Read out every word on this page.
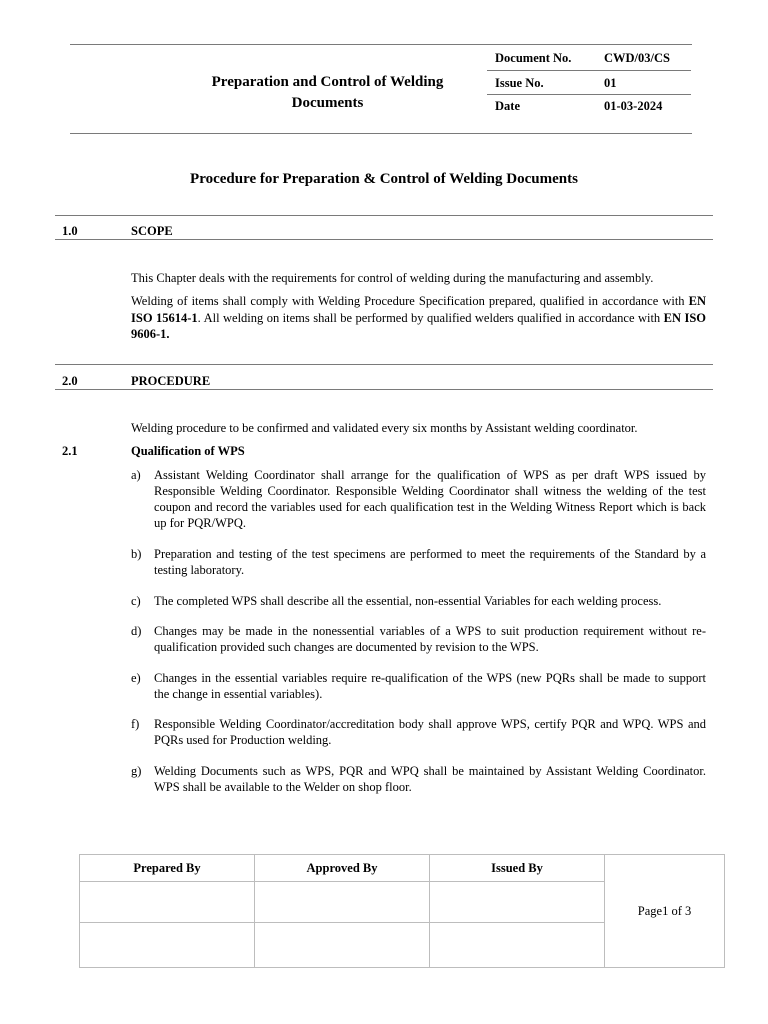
Preparation and Control of Welding
Documents
Document No.	CWD/03/CS
Issue No.	01
Date	01-03-2024
Procedure for Preparation & Control of Welding Documents
1.0	SCOPE
This Chapter deals with the requirements for control of welding during the manufacturing and assembly.
Welding of items shall comply with Welding Procedure Specification prepared, qualified in accordance with EN ISO 15614-1. All welding on items shall be performed by qualified welders qualified in accordance with EN ISO 9606-1.
2.0	PROCEDURE
Welding procedure to be confirmed and validated every six months by Assistant welding coordinator.
2.1	Qualification of WPS
a) Assistant Welding Coordinator shall arrange for the qualification of WPS as per draft WPS issued by Responsible Welding Coordinator. Responsible Welding Coordinator shall witness the welding of the test coupon and record the variables used for each qualification test in the Welding Witness Report which is back up for PQR/WPQ.
b) Preparation and testing of the test specimens are performed to meet the requirements of the Standard by a testing laboratory.
c) The completed WPS shall describe all the essential, non-essential Variables for each welding process.
d) Changes may be made in the nonessential variables of a WPS to suit production requirement without re-qualification provided such changes are documented by revision to the WPS.
e) Changes in the essential variables require re-qualification of the WPS (new PQRs shall be made to support the change in essential variables).
f) Responsible Welding Coordinator/accreditation body shall approve WPS, certify PQR and WPQ. WPS and PQRs used for Production welding.
g) Welding Documents such as WPS, PQR and WPQ shall be maintained by Assistant Welding Coordinator. WPS shall be available to the Welder on shop floor.
Prepared By	Approved By	Issued By	Page1 of 3
